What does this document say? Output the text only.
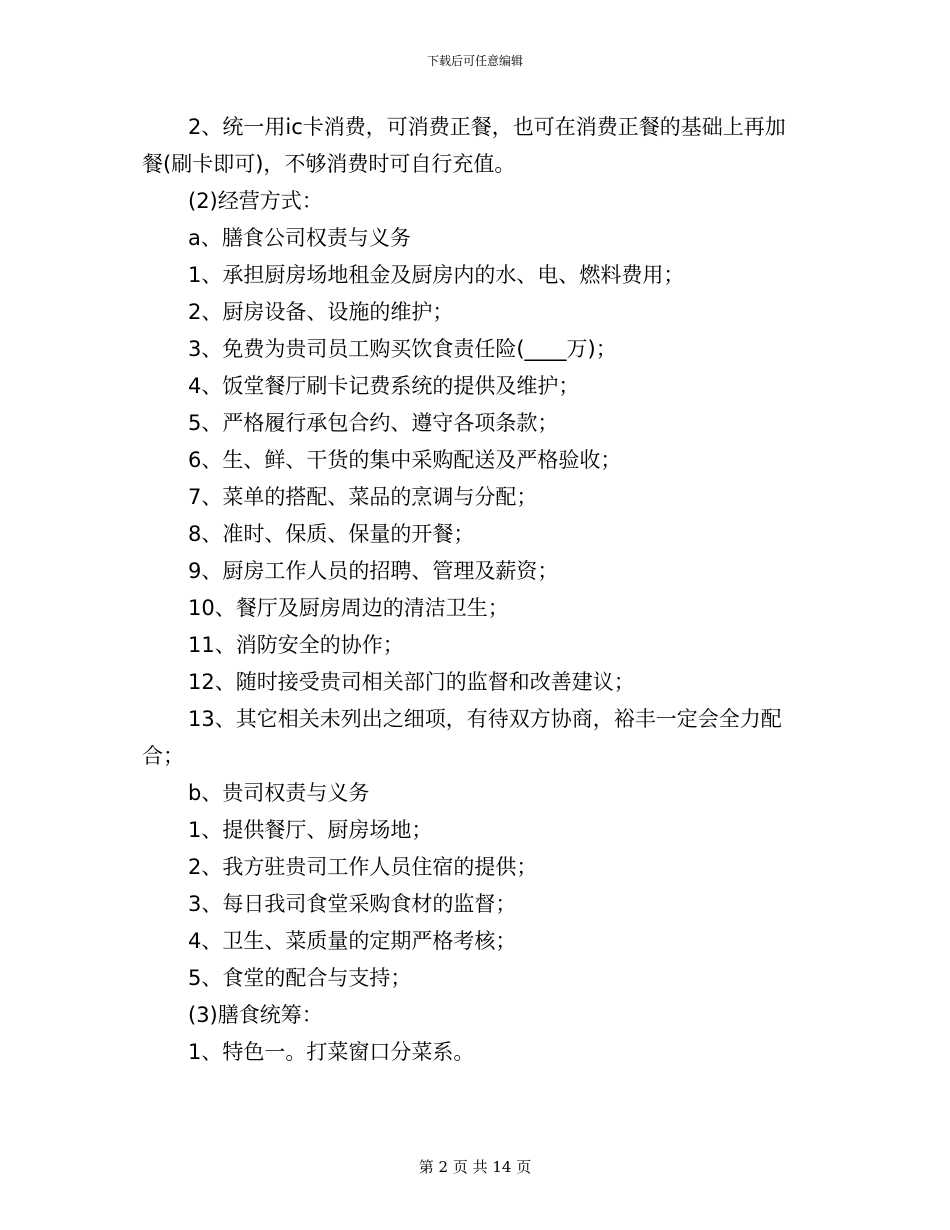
下载后可任意编辑

2、统一用ic卡消费，可消费正餐，也可在消费正餐的基础上再加餐(刷卡即可)，不够消费时可自行充值。

(2)经营方式：

a、膳食公司权责与义务

1、承担厨房场地租金及厨房内的水、电、燃料费用；

2、厨房设备、设施的维护；

3、免费为贵司员工购买饮食责任险(____万)；

4、饭堂餐厅刷卡记费系统的提供及维护；

5、严格履行承包合约、遵守各项条款；

6、生、鲜、干货的集中采购配送及严格验收；

7、菜单的搭配、菜品的烹调与分配；

8、准时、保质、保量的开餐；

9、厨房工作人员的招聘、管理及薪资；

10、餐厅及厨房周边的清洁卫生；

11、消防安全的协作；

12、随时接受贵司相关部门的监督和改善建议；

13、其它相关未列出之细项，有待双方协商，裕丰一定会全力配合；

b、贵司权责与义务

1、提供餐厅、厨房场地；

2、我方驻贵司工作人员住宿的提供；

3、每日我司食堂采购食材的监督；

4、卫生、菜质量的定期严格考核；

5、食堂的配合与支持；

(3)膳食统筹：

1、特色一。打菜窗口分菜系。

第 2 页 共 14 页
